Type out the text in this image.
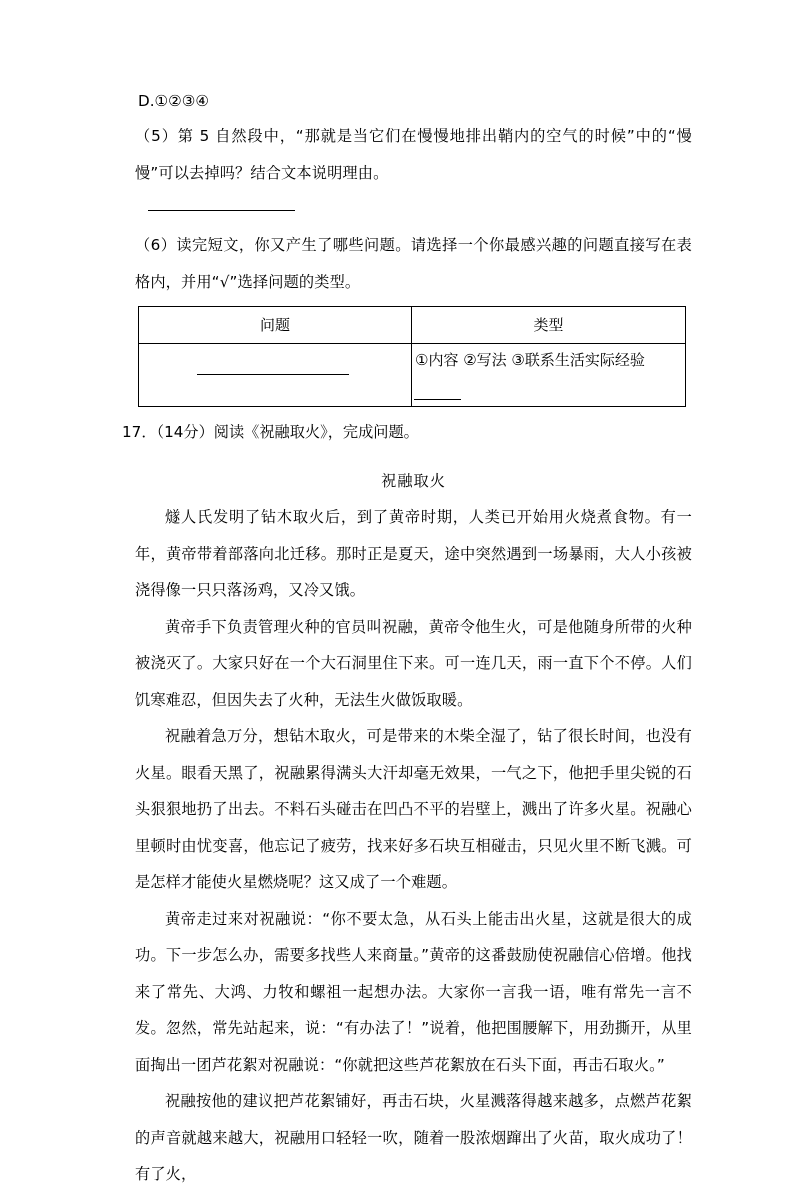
D.①②③④

（5）第 5 自然段中，“那就是当它们在慢慢地排出鞘内的空气的时候”中的“慢慢”可以去掉吗？结合文本说明理由。

（6）读完短文，你又产生了哪些问题。请选择一个你最感兴趣的问题直接写在表格内，并用“√”选择问题的类型。

问题	类型

	①内容 ②写法 ③联系生活实际经验

17．（14分）阅读《祝融取火》，完成问题。

祝融取火

燧人氏发明了钻木取火后，到了黄帝时期，人类已开始用火烧煮食物。有一年，黄帝带着部落向北迁移。那时正是夏天，途中突然遇到一场暴雨，大人小孩被浇得像一只只落汤鸡，又冷又饿。

黄帝手下负责管理火种的官员叫祝融，黄帝令他生火，可是他随身所带的火种被浇灭了。大家只好在一个大石洞里住下来。可一连几天，雨一直下个不停。人们饥寒难忍，但因失去了火种，无法生火做饭取暖。

祝融着急万分，想钻木取火，可是带来的木柴全湿了，钻了很长时间，也没有火星。眼看天黑了，祝融累得满头大汗却毫无效果，一气之下，他把手里尖锐的石头狠狠地扔了出去。不料石头碰击在凹凸不平的岩壁上，溅出了许多火星。祝融心里顿时由忧变喜，他忘记了疲劳，找来好多石块互相碰击，只见火里不断飞溅。可是怎样才能使火星燃烧呢？这又成了一个难题。

黄帝走过来对祝融说：“你不要太急，从石头上能击出火星，这就是很大的成功。下一步怎么办，需要多找些人来商量。”黄帝的这番鼓励使祝融信心倍增。他找来了常先、大鸿、力牧和螺祖一起想办法。大家你一言我一语，唯有常先一言不发。忽然，常先站起来，说：“有办法了！”说着，他把围腰解下，用劲撕开，从里面掏出一团芦花絮对祝融说：“你就把这些芦花絮放在石头下面，再击石取火。”

祝融按他的建议把芦花絮铺好，再击石块，火星溅落得越来越多，点燃芦花絮的声音就越来越大，祝融用口轻轻一吹，随着一股浓烟蹿出了火苗，取火成功了！有了火，
